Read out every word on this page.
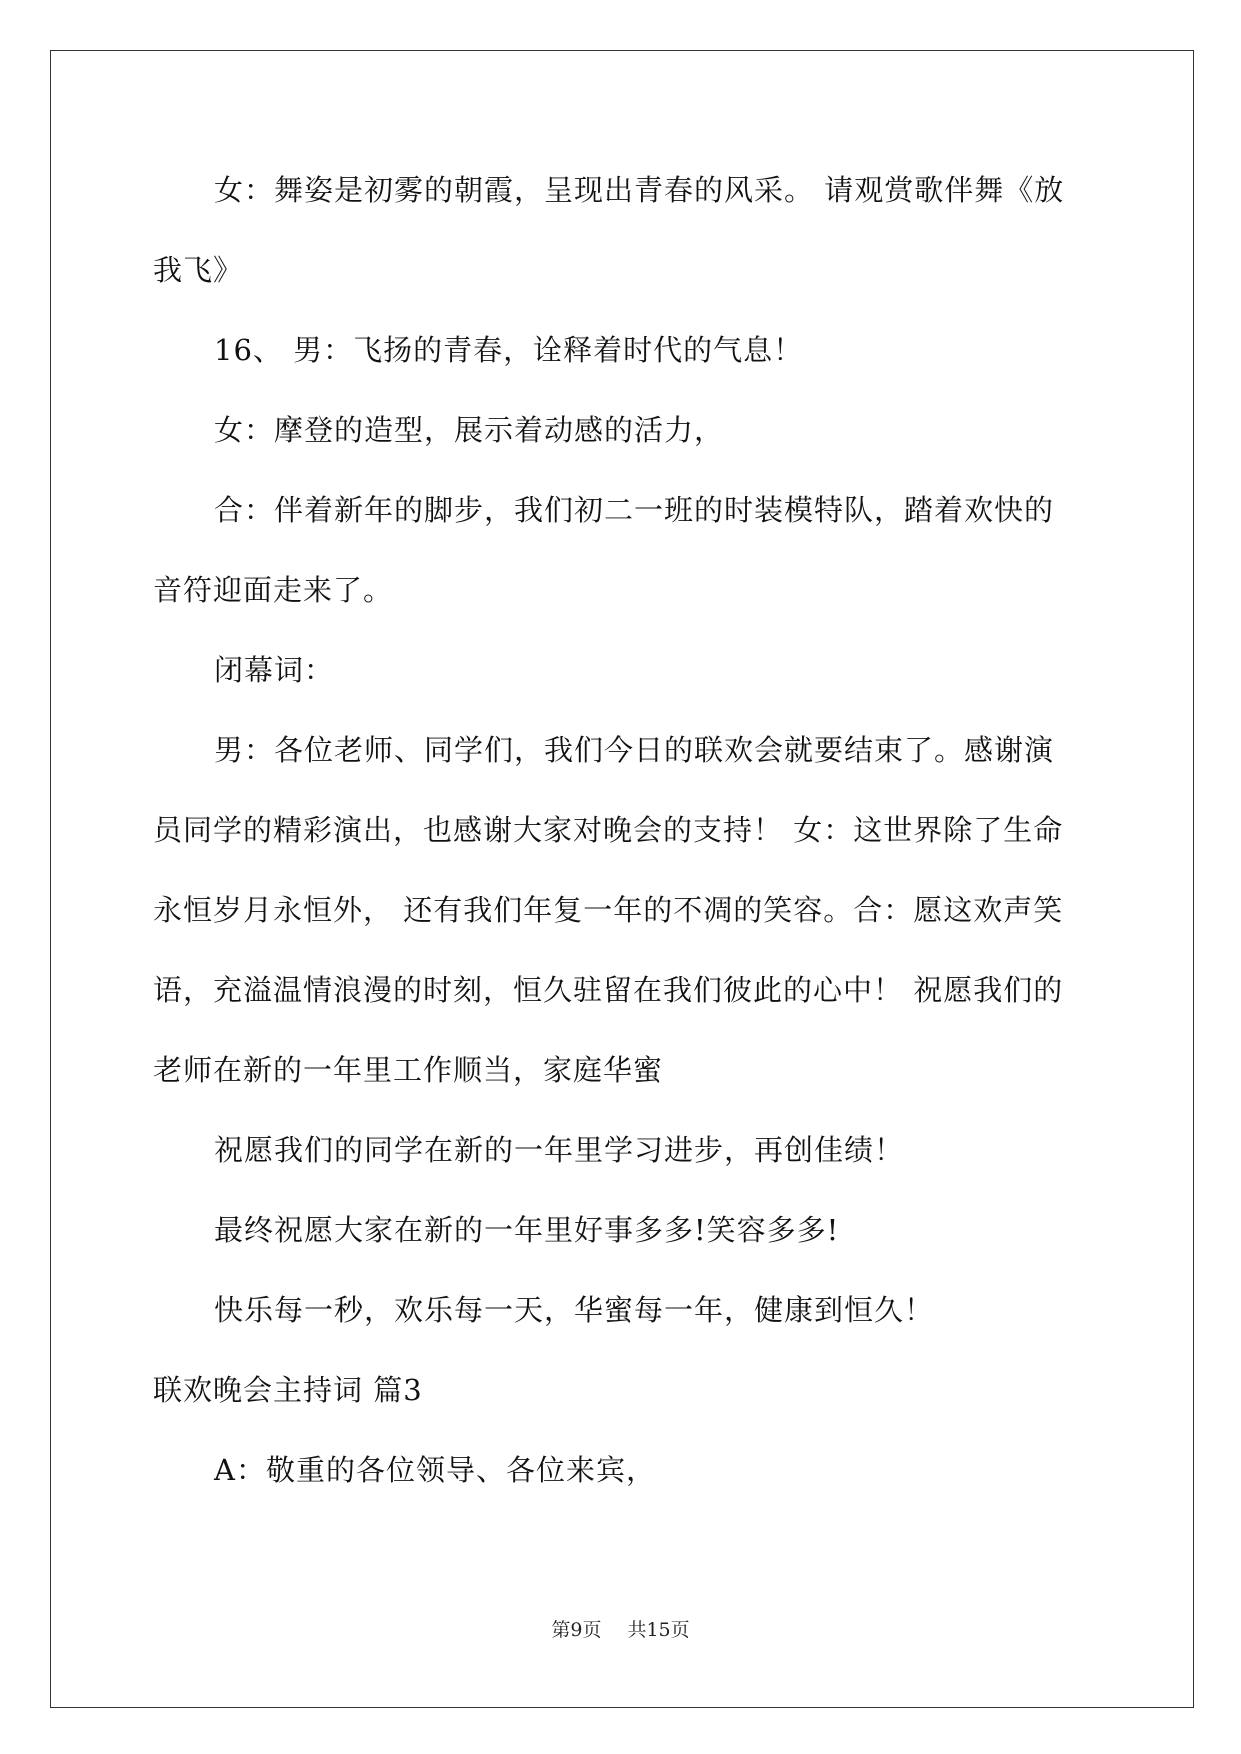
女：舞姿是初雾的朝霞，呈现出青春的风采。 请观赏歌伴舞《放
我飞》
16、 男：飞扬的青春，诠释着时代的气息！
女：摩登的造型，展示着动感的活力，
合：伴着新年的脚步，我们初二一班的时装模特队，踏着欢快的
音符迎面走来了。
闭幕词：
男：各位老师、同学们，我们今日的联欢会就要结束了。感谢演
员同学的精彩演出，也感谢大家对晚会的支持！ 女：这世界除了生命
永恒岁月永恒外， 还有我们年复一年的不凋的笑容。合：愿这欢声笑
语，充溢温情浪漫的时刻，恒久驻留在我们彼此的心中！ 祝愿我们的
老师在新的一年里工作顺当，家庭华蜜
祝愿我们的同学在新的一年里学习进步，再创佳绩！
最终祝愿大家在新的一年里好事多多!笑容多多!
快乐每一秒，欢乐每一天，华蜜每一年，健康到恒久！
联欢晚会主持词 篇3
A：敬重的各位领导、各位来宾，
第9页 共15页
